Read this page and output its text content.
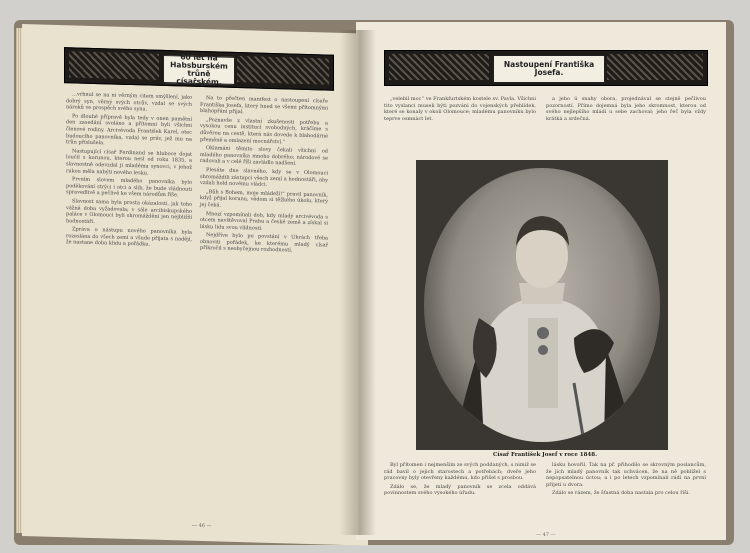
60 let na Habsburském trůně císařském.

…vrhnul se na ni věrným citem smýšlení, jako dobrý syn, věrný svých otcův, vzdal se svých nároků ve prospěch svého syna.

Po dlouhé přípravě byla tedy v onen pamětní den zasedání svoláno a přítomni byli všichni členové rodiny. Arcivévoda František Karel, otec budoucího panovníka, vzdal se práv, jež mu na trůn příslušela.

Nastupující císař Ferdinand se hluboce dojat loučil s korunou, kterou nesl od roku 1835, a slavnostně odevzdal ji mladému synovci, v jehož rukou měla nabýti nového lesku.

Prvním slovem mladého panovníka bylo poděkování strýci i otci a slib, že bude vládnouti spravedlivě a pečlivě ke všem národům říše.

Slavnost sama byla prosta okázalosti, jak toho vážná doba vyžadovala; v sále arcibiskupského paláce v Olomouci byli shromážděni jen nejbližší hodnostáři.

Zpráva o nástupu nového panovníka byla rozeslána do všech zemí a všude přijata s nadějí, že nastane doba klidu a pořádku.

Na to přečten manifest o nastoupení císaře Františka Josefa, který hned se všemi přítomnými blahopřání přijal.

„Poznavše z vlastní zkušenosti potřebu a vysokou cenu institucí svobodných, kráčíme s důvěrou na cestě, která nás dovede k blahodárné přeměně a omlazení mocnářství.“

Oklamáni těmito slovy čekali všichni od mladého panovníka mnoho dobrého; národové se radovali a v celé říši zavládlo nadšení.

Plesáte dne slavného, kdy se v Olomouci shromáždili zástupci všech zemí a hodnostáři, aby vzdali hold novému vládci.

„Bůh s Bohem, moje mládeži!“ pravil panovník, když přijal korunu, vědom si těžkého úkolu, který jej čeká.

Mnozí vzpomínali dob, kdy mladý arcivévoda s otcem navštěvoval Prahu a české země a získal si lásku lidu svou vlídností.

Nejdříve bylo po povstání v Uhrách třeba obnoviti pořádek, ke kterému mladý císař přikročil s neobyčejnou rozhodností.

— 46 —
Nastoupení Františka Josefa.

„velebil moc“ ve Frankfurtském kostele sv. Pavla. Všichni tito vyslanci museli býti pozváni do vojenských přehlídek, které se konaly v okolí Olomouce; mladému panovníku bylo teprve osmnáct let.

a jeho ú snahy obora, projednával se stejně pečlivou pozorností. Přímo dojemná byla jeho skromnost, kterou od svého nejlepšího mládí u sebe zachoval; jeho řeč byla vždy krátká a srdečná.

Císař František Josef v roce 1848.

Byl přítomen i nejmenším ze svých poddaných, s nimiž se rád bavil o jejich starostech a potřebách; dveře jeho pracovny byly otevřeny každému, kdo přišel s prosbou.

Zdálo se, že mladý panovník se zcela oddává povinnostem svého vysokého úřadu.

lásku hovořil. Tak na př. přihodilo se skrovným poslancům, že jich mladý panovník tak uchvácen, že na ně pohlížel s nepopsatelnou úctou; a i po letech vzpomínali rádi na první přijetí u dvora.

Zdálo se rázem, že šťastná doba nastala pro celou říši.

— 47 —
